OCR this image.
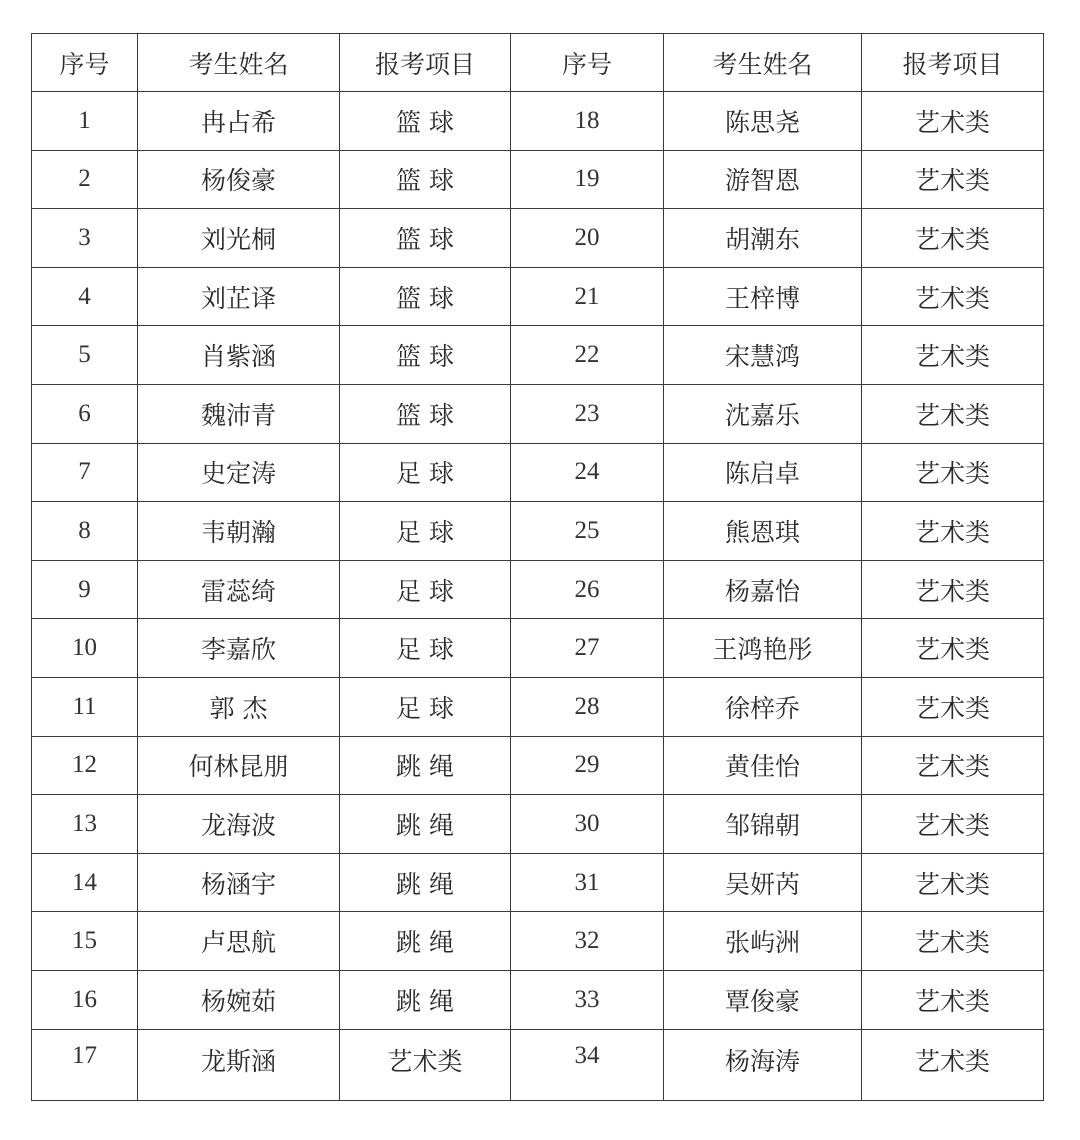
序号	考生姓名	报考项目	序号	考生姓名	报考项目
1	冉占希	篮 球	18	陈思尧	艺术类
2	杨俊豪	篮 球	19	游智恩	艺术类
3	刘光桐	篮 球	20	胡潮东	艺术类
4	刘芷译	篮 球	21	王梓博	艺术类
5	肖紫涵	篮 球	22	宋慧鸿	艺术类
6	魏沛青	篮 球	23	沈嘉乐	艺术类
7	史定涛	足 球	24	陈启卓	艺术类
8	韦朝瀚	足 球	25	熊恩琪	艺术类
9	雷蕊绮	足 球	26	杨嘉怡	艺术类
10	李嘉欣	足 球	27	王鸿艳彤	艺术类
11	郭 杰	足 球	28	徐梓乔	艺术类
12	何林昆朋	跳 绳	29	黄佳怡	艺术类
13	龙海波	跳 绳	30	邹锦朝	艺术类
14	杨涵宇	跳 绳	31	吴妍芮	艺术类
15	卢思航	跳 绳	32	张屿洲	艺术类
16	杨婉茹	跳 绳	33	覃俊豪	艺术类
17	龙斯涵	艺术类	34	杨海涛	艺术类
